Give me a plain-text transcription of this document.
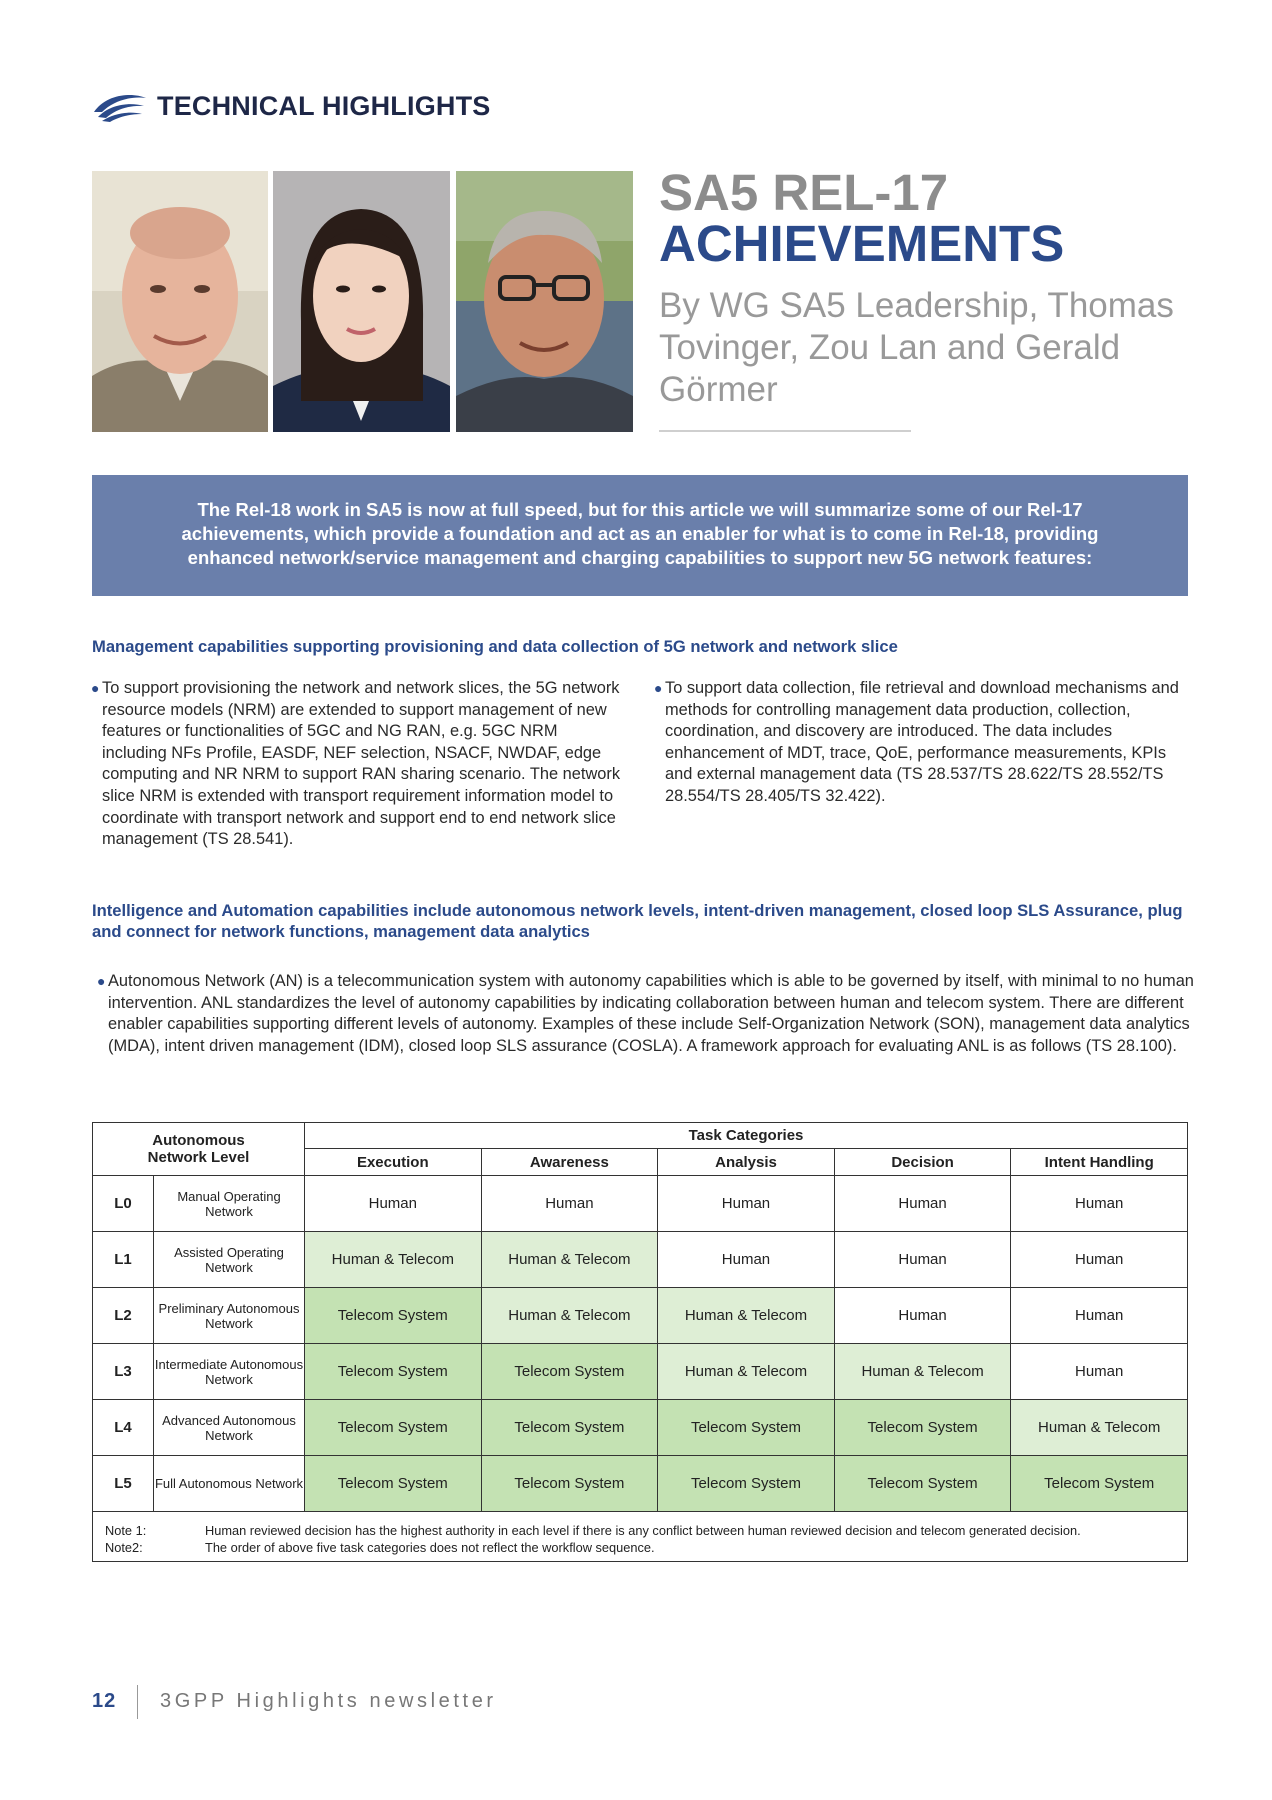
TECHNICAL HIGHLIGHTS
SA5 REL-17
ACHIEVEMENTS
By WG SA5 Leadership, Thomas Tovinger, Zou Lan and Gerald Görmer
The Rel-18 work in SA5 is now at full speed, but for this article we will summarize some of our Rel-17 achievements, which provide a foundation and act as an enabler for what is to come in Rel-18, providing enhanced network/service management and charging capabilities to support new 5G network features:
Management capabilities supporting provisioning and data collection of 5G network and network slice
● To support provisioning the network and network slices, the 5G network resource models (NRM) are extended to support management of new features or functionalities of 5GC and NG RAN, e.g. 5GC NRM including NFs Profile, EASDF, NEF selection, NSACF, NWDAF, edge computing and NR NRM to support RAN sharing scenario. The network slice NRM is extended with transport requirement information model to coordinate with transport network and support end to end network slice management (TS 28.541).
● To support data collection, file retrieval and download mechanisms and methods for controlling management data production, collection, coordination, and discovery are introduced. The data includes enhancement of MDT, trace, QoE, performance measurements, KPIs and external management data (TS 28.537/TS 28.622/TS 28.552/TS 28.554/TS 28.405/TS 32.422).
Intelligence and Automation capabilities include autonomous network levels, intent-driven management, closed loop SLS Assurance, plug and connect for network functions, management data analytics
● Autonomous Network (AN) is a telecommunication system with autonomy capabilities which is able to be governed by itself, with minimal to no human intervention. ANL standardizes the level of autonomy capabilities by indicating collaboration between human and telecom system. There are different enabler capabilities supporting different levels of autonomy. Examples of these include Self-Organization Network (SON), management data analytics (MDA), intent driven management (IDM), closed loop SLS assurance (COSLA). A framework approach for evaluating ANL is as follows (TS 28.100).
Autonomous Network Level		Task Categories				
		Execution	Awareness	Analysis	Decision	Intent Handling
L0	Manual Operating Network	Human	Human	Human	Human	Human
L1	Assisted Operating Network	Human & Telecom	Human & Telecom	Human	Human	Human
L2	Preliminary Autonomous Network	Telecom System	Human & Telecom	Human & Telecom	Human	Human
L3	Intermediate Autonomous Network	Telecom System	Telecom System	Human & Telecom	Human & Telecom	Human
L4	Advanced Autonomous Network	Telecom System	Telecom System	Telecom System	Telecom System	Human & Telecom
L5	Full Autonomous Network	Telecom System	Telecom System	Telecom System	Telecom System	Telecom System
Note 1:	Human reviewed decision has the highest authority in each level if there is any conflict between human reviewed decision and telecom generated decision.
Note2:	The order of above five task categories does not reflect the workflow sequence.
12 3GPP Highlights newsletter
